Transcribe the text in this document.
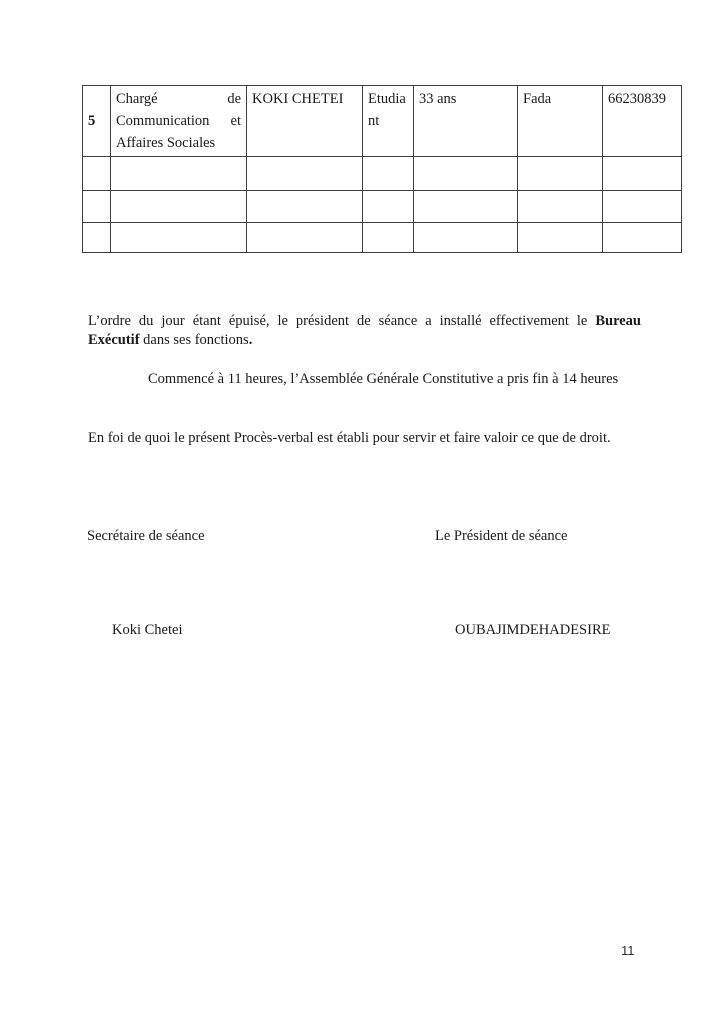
5	Chargé de Communication et Affaires Sociales	KOKI CHETEI	Etudiant	33 ans	Fada	66230839

L’ordre du jour étant épuisé, le président de séance a installé effectivement le Bureau
Exécutif dans ses fonctions.
Commencé à 11 heures, l’Assemblée Générale Constitutive a pris fin à 14 heures
En foi de quoi le présent Procès-verbal est établi pour servir et faire valoir ce que de droit.
Secrétaire de séance	Le Président de séance
Koki Chetei	OUBAJIMDEHADESIRE
11
